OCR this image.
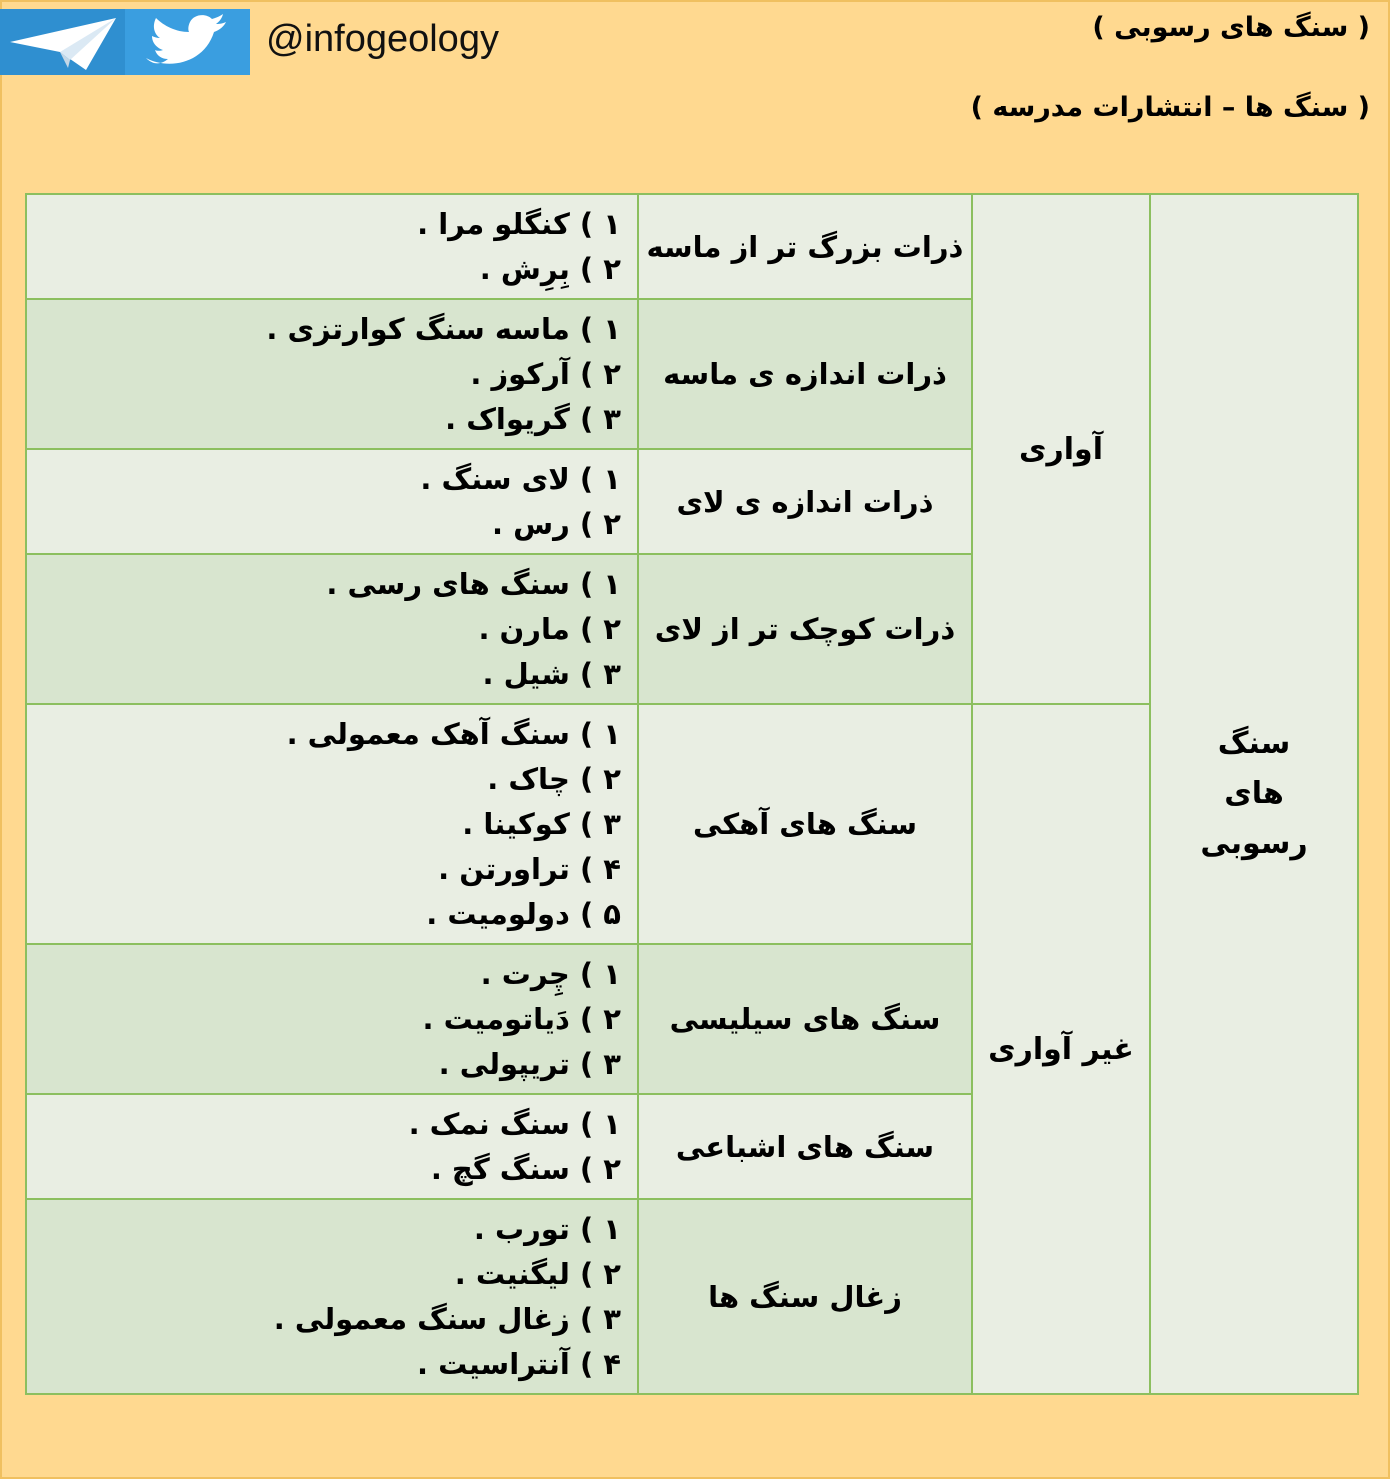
@infogeology	( سنگ های رسوبی )
( سنگ ها – انتشارات مدرسه )
سنگ های رسوبی	آواری	ذرات بزرگ تر از ماسه	۱ ) کنگلو مرا .
۲ ) بِرِش .

		ذرات اندازه ی ماسه	۱ ) ماسه سنگ کوارتزی .
۲ ) آرکوز .
۳ ) گریواک .

		ذرات اندازه ی لای	۱ ) لای سنگ .
۲ ) رس .

		ذرات کوچک تر از لای	۱ ) سنگ های رسی .
۲ ) مارن .
۳ ) شیل .

	غیر آواری	سنگ های آهکی	۱ ) سنگ آهک معمولی .
۲ ) چاک .
۳ ) کوکینا .
۴ ) تراورتن .
۵ ) دولومیت .

		سنگ های سیلیسی	۱ ) چِرت .
۲ ) دَیاتومیت .
۳ ) تریپولی .

		سنگ های اشباعی	۱ ) سنگ نمک .
۲ ) سنگ گچ .

		زغال سنگ ها	۱ ) تورب .
۲ ) لیگنیت .
۳ ) زغال سنگ معمولی .
۴ ) آنتراسیت .
